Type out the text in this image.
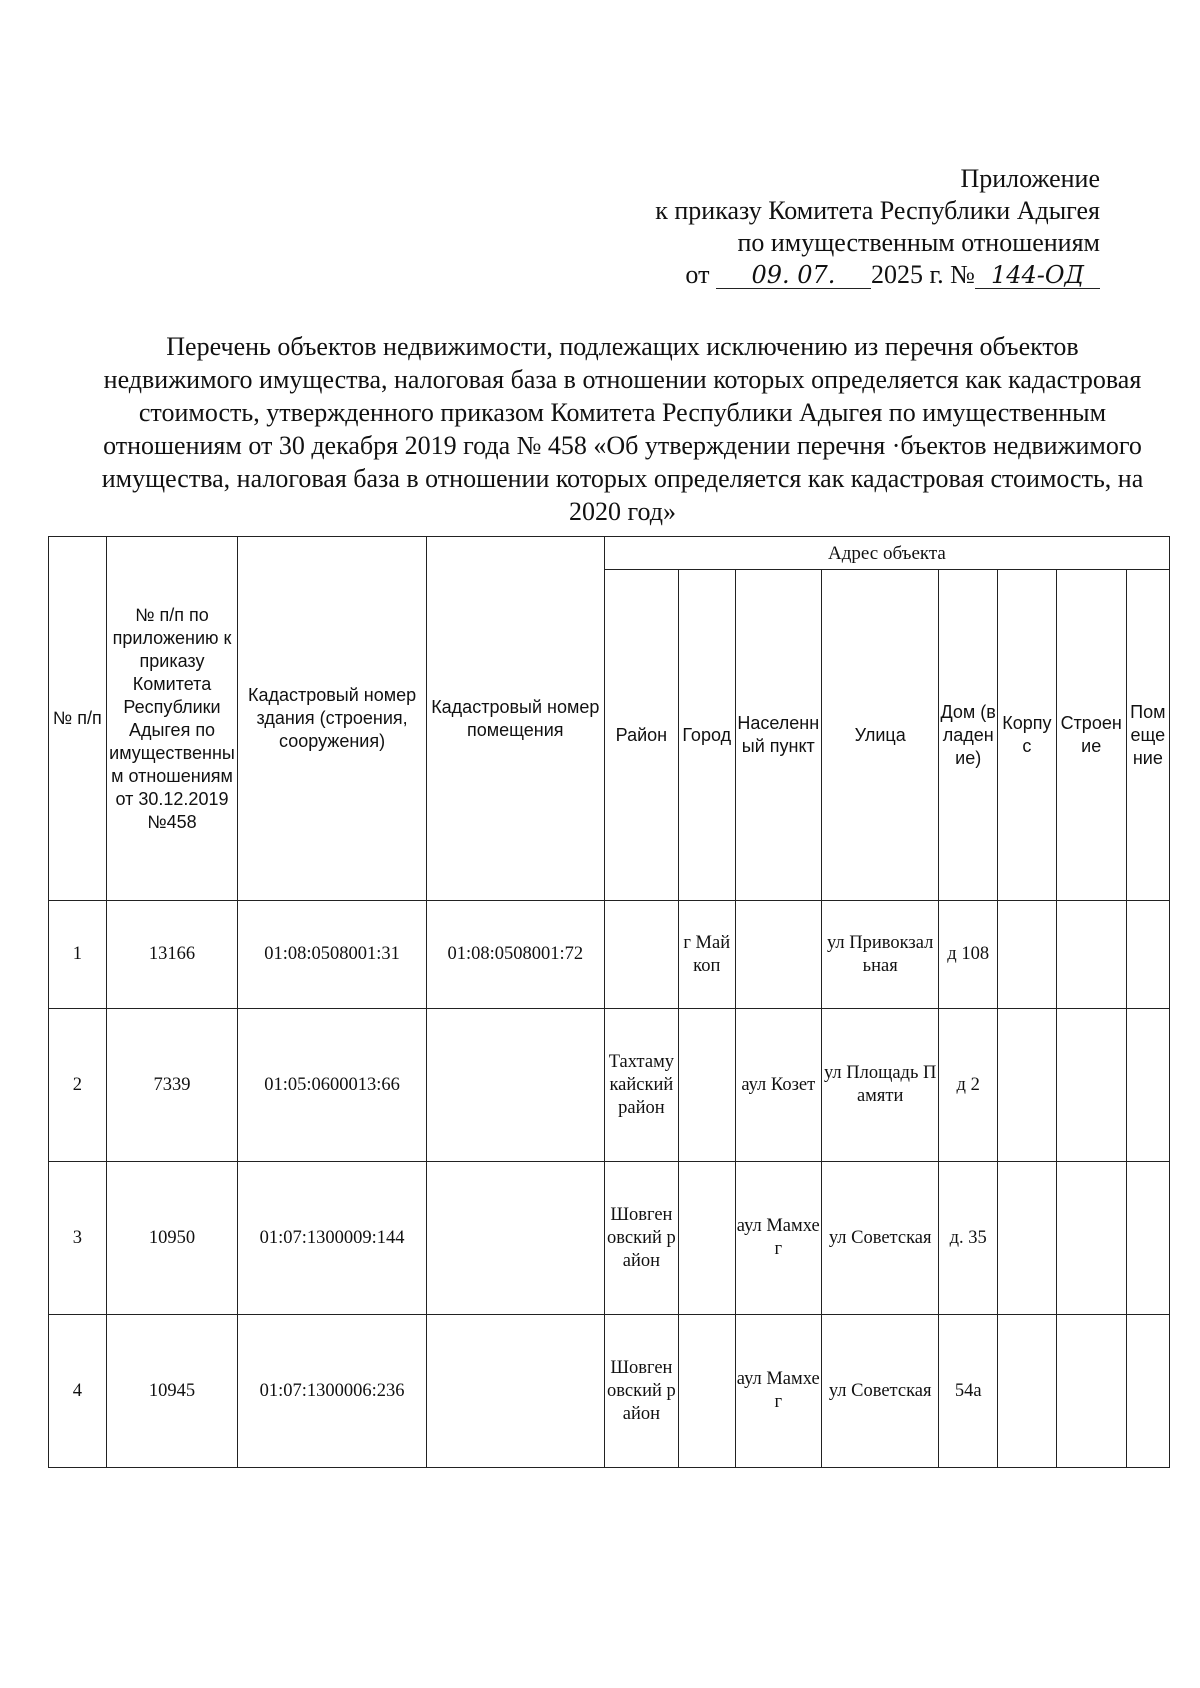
Приложение
к приказу Комитета Республики Адыгея
по имущественным отношениям
от 09. 07. 2025 г. № 144-ОД
Перечень объектов недвижимости, подлежащих исключению из перечня объектов недвижимого имущества, налоговая база в отношении которых определяется как кадастровая стоимость, утвержденного приказом Комитета Республики Адыгея по имущественным отношениям от 30 декабря 2019 года № 458 «Об утверждении перечня ·бъектов недвижимого имущества, налоговая база в отношении которых определяется как кадастровая стоимость, на 2020 год»
№ п/п	№ п/п по приложению к приказу Комитета Республики Адыгея по имущественным отношениям от 30.12.2019 №458	Кадастровый номер здания (строения, сооружения)	Кадастровый номер помещения	Адрес объекта							
				Район	Город	Населенный пункт	Улица	Дом (владение)	Корпус	Строение	Помещение
1	13166	01:08:0508001:31	01:08:0508001:72		г Майкоп		ул Привокзальная	д 108			
2	7339	01:05:0600013:66		Тахтамукайский район		аул Козет	ул Площадь Памяти	д 2			
3	10950	01:07:1300009:144		Шовгеновский район		аул Мамхег	ул Советская	д. 35			
4	10945	01:07:1300006:236		Шовгеновский район		аул Мамхег	ул Советская	54а			
